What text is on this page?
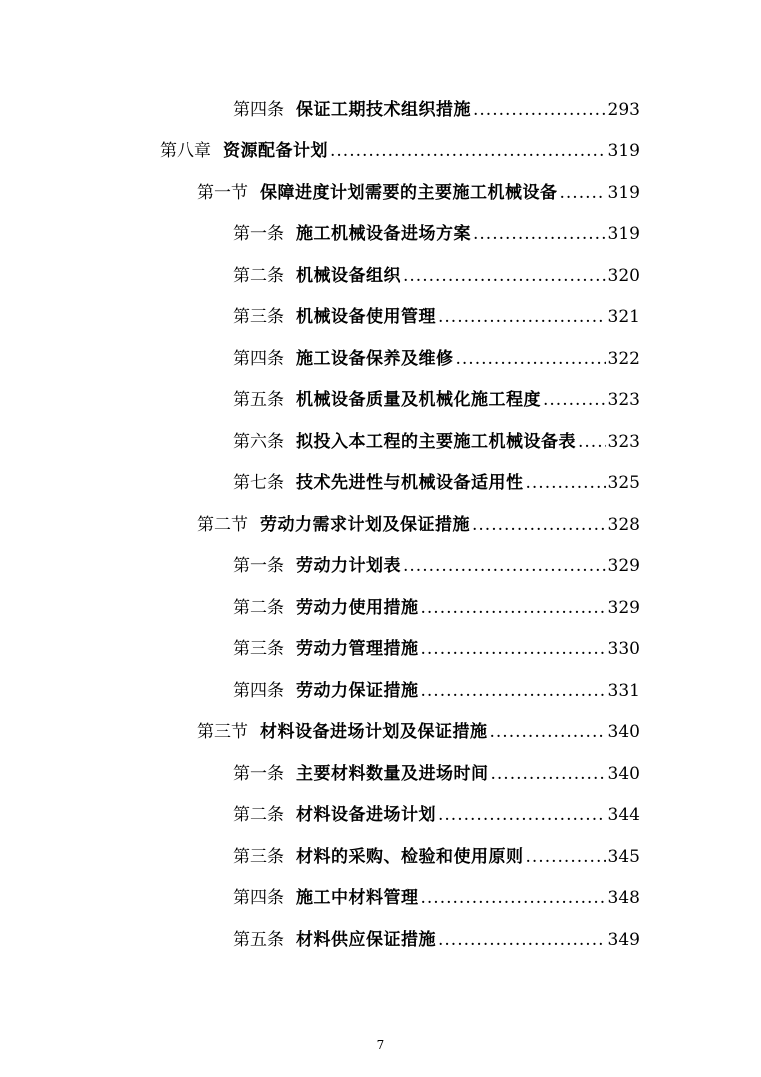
第四条 保证工期技术组织措施 .....	293
第八章 资源配备计划 .....	319
第一节 保障进度计划需要的主要施工机械设备 .....	319
第一条 施工机械设备进场方案 .....	319
第二条 机械设备组织 .....	320
第三条 机械设备使用管理 .....	321
第四条 施工设备保养及维修 .....	322
第五条 机械设备质量及机械化施工程度 .....	323
第六条 拟投入本工程的主要施工机械设备表 ..... 323
第七条 技术先进性与机械设备适用性 .....	325
第二节 劳动力需求计划及保证措施 .....	328
第一条 劳动力计划表 .....	329
第二条 劳动力使用措施 .....	329
第三条 劳动力管理措施 .....	330
第四条 劳动力保证措施 .....	331
第三节 材料设备进场计划及保证措施 .....	340
第一条 主要材料数量及进场时间 .....	340
第二条 材料设备进场计划 .....	344
第三条 材料的采购、检验和使用原则 .....	345
第四条 施工中材料管理 .....	348
第五条 材料供应保证措施 .....	349
7
